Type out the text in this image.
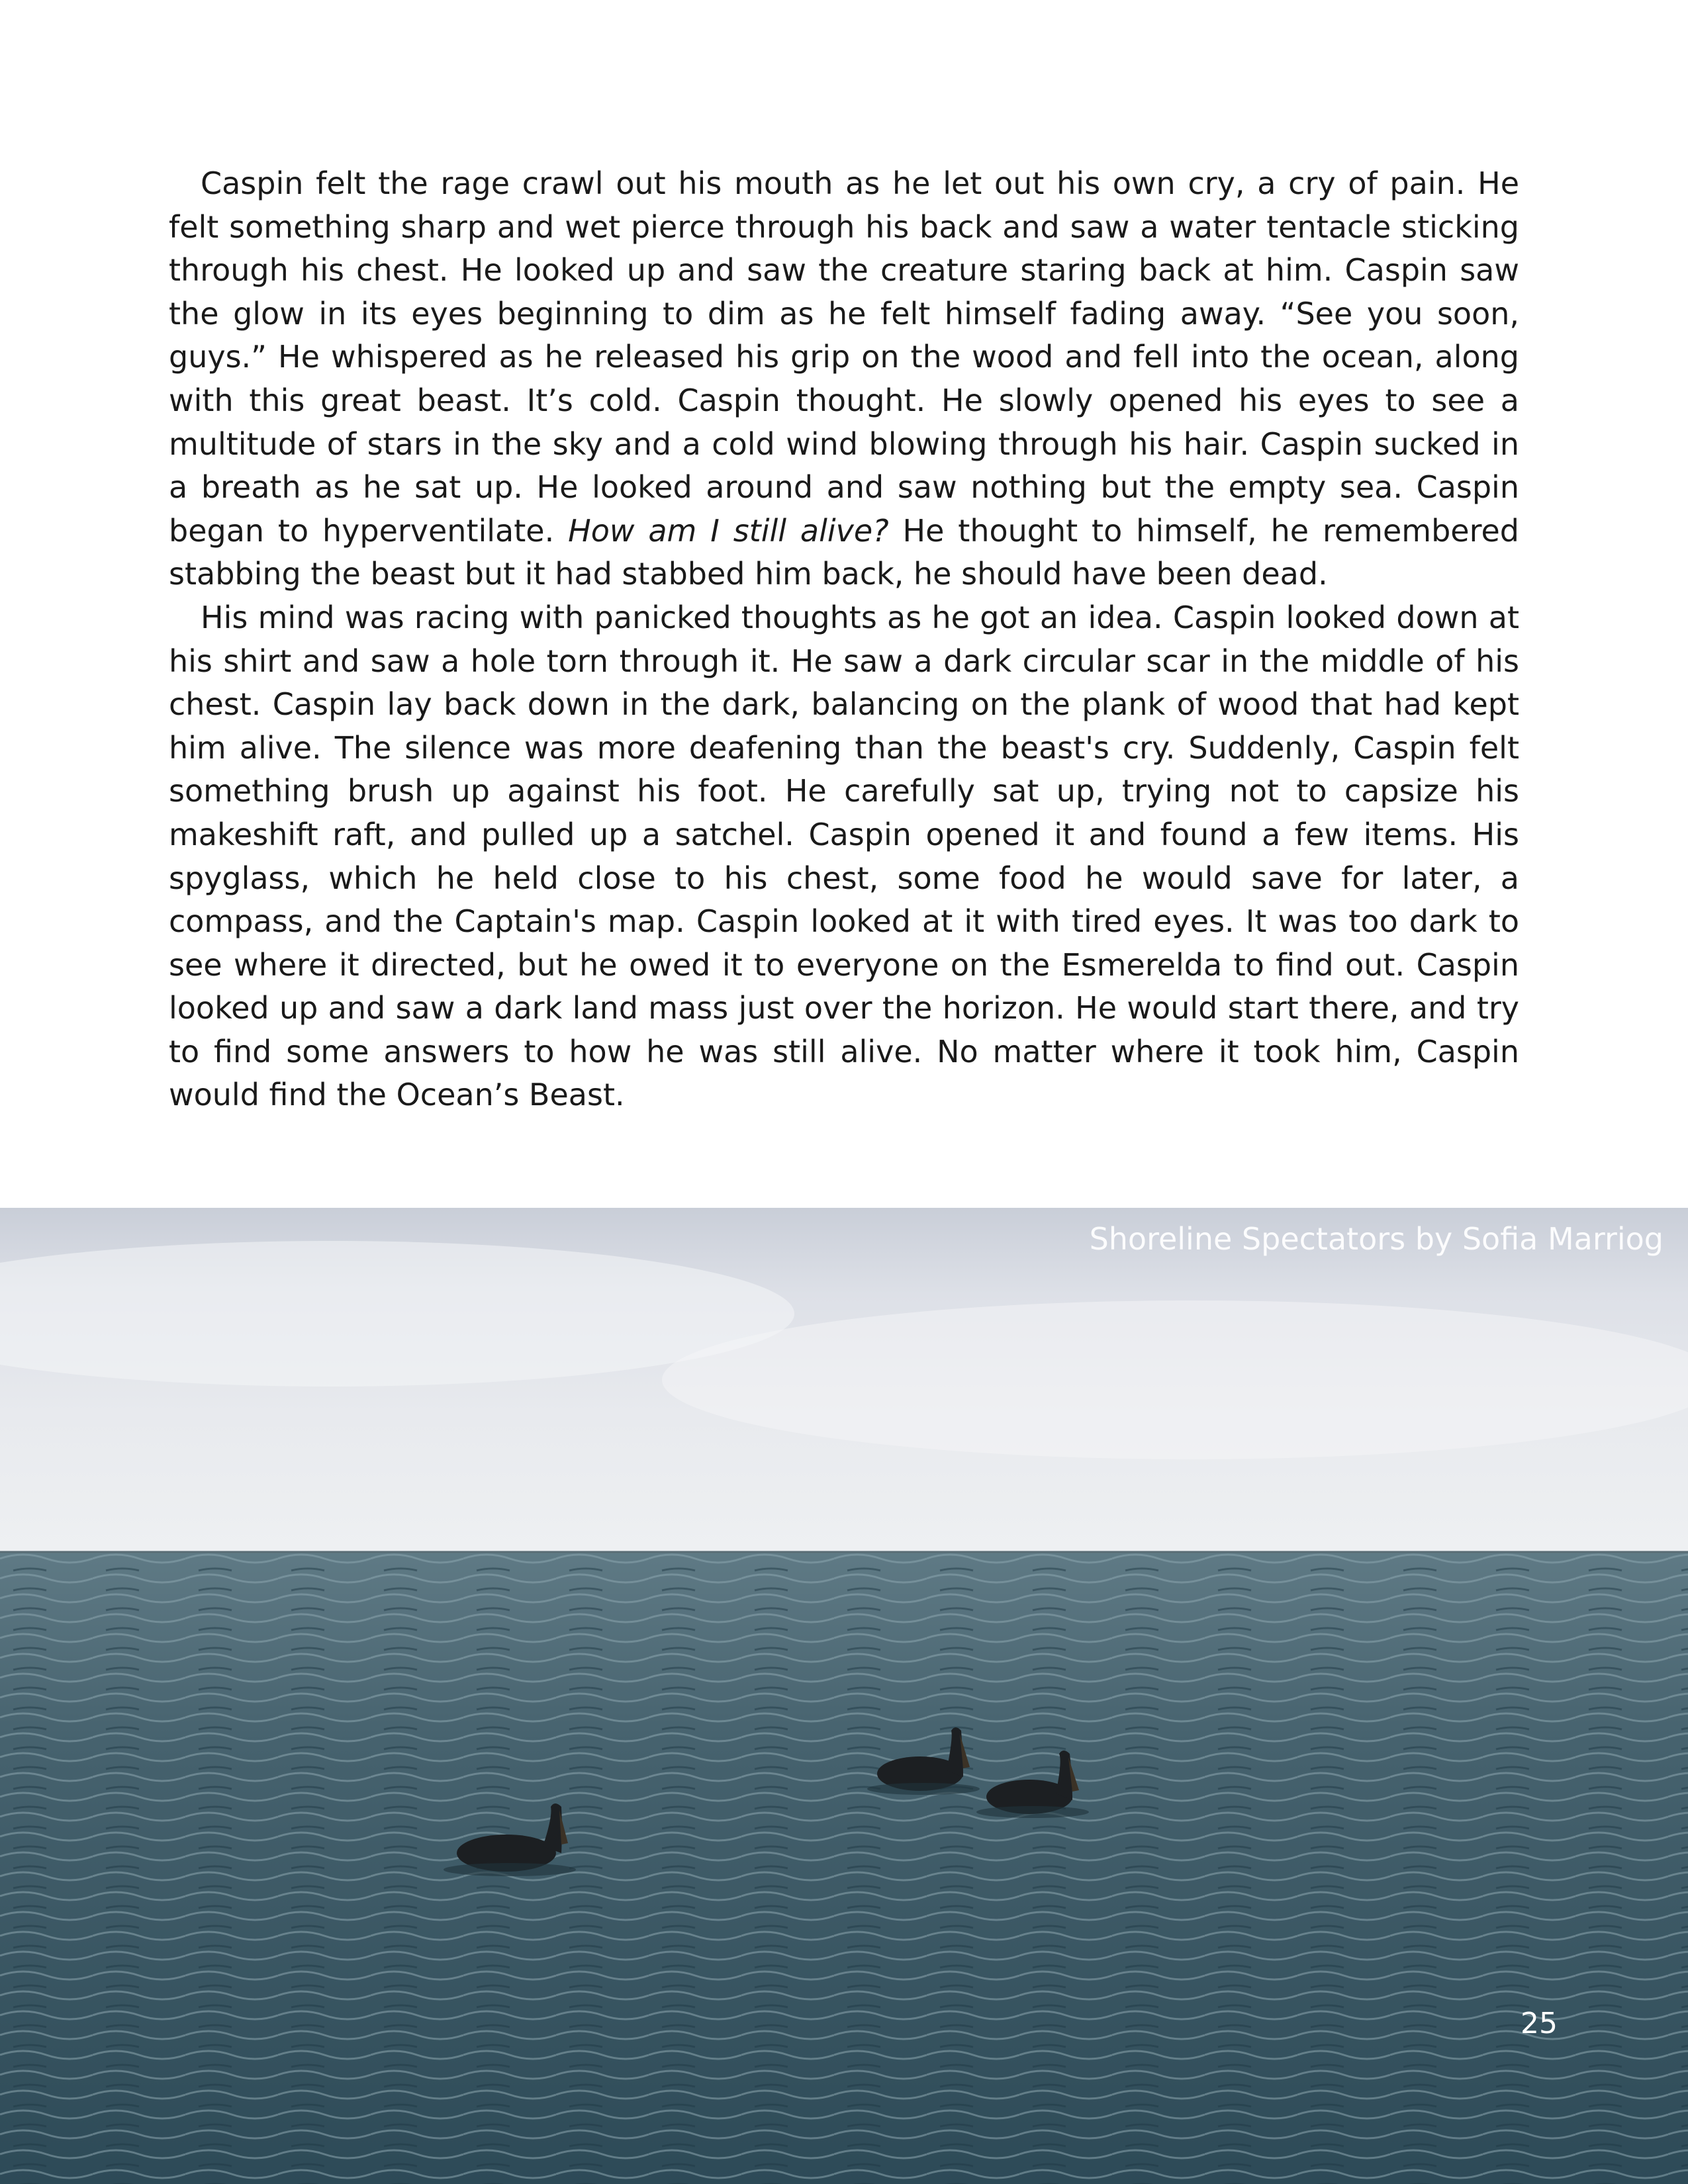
Caspin felt the rage crawl out his mouth as he let out his own cry, a cry of pain. He felt something sharp and wet pierce through his back and saw a water tentacle sticking through his chest. He looked up and saw the creature staring back at him. Caspin saw the glow in its eyes beginning to dim as he felt himself fading away. “See you soon, guys.” He whispered as he released his grip on the wood and fell into the ocean, along with this great beast. It’s cold. Caspin thought. He slowly opened his eyes to see a multitude of stars in the sky and a cold wind blowing through his hair. Caspin sucked in a breath as he sat up. He looked around and saw nothing but the empty sea. Caspin began to hyperventilate. How am I still alive? He thought to himself, he remembered stabbing the beast but it had stabbed him back, he should have been dead.

His mind was racing with panicked thoughts as he got an idea. Caspin looked down at his shirt and saw a hole torn through it. He saw a dark circular scar in the middle of his chest. Caspin lay back down in the dark, balancing on the plank of wood that had kept him alive. The silence was more deafening than the beast's cry. Suddenly, Caspin felt something brush up against his foot. He carefully sat up, trying not to capsize his makeshift raft, and pulled up a satchel. Caspin opened it and found a few items. His spyglass, which he held close to his chest, some food he would save for later, a compass, and the Captain's map. Caspin looked at it with tired eyes. It was too dark to see where it directed, but he owed it to everyone on the Esmerelda to find out. Caspin looked up and saw a dark land mass just over the horizon. He would start there, and try to find some answers to how he was still alive. No matter where it took him, Caspin would find the Ocean’s Beast.

Shoreline Spectators by Sofia Marriog
25
